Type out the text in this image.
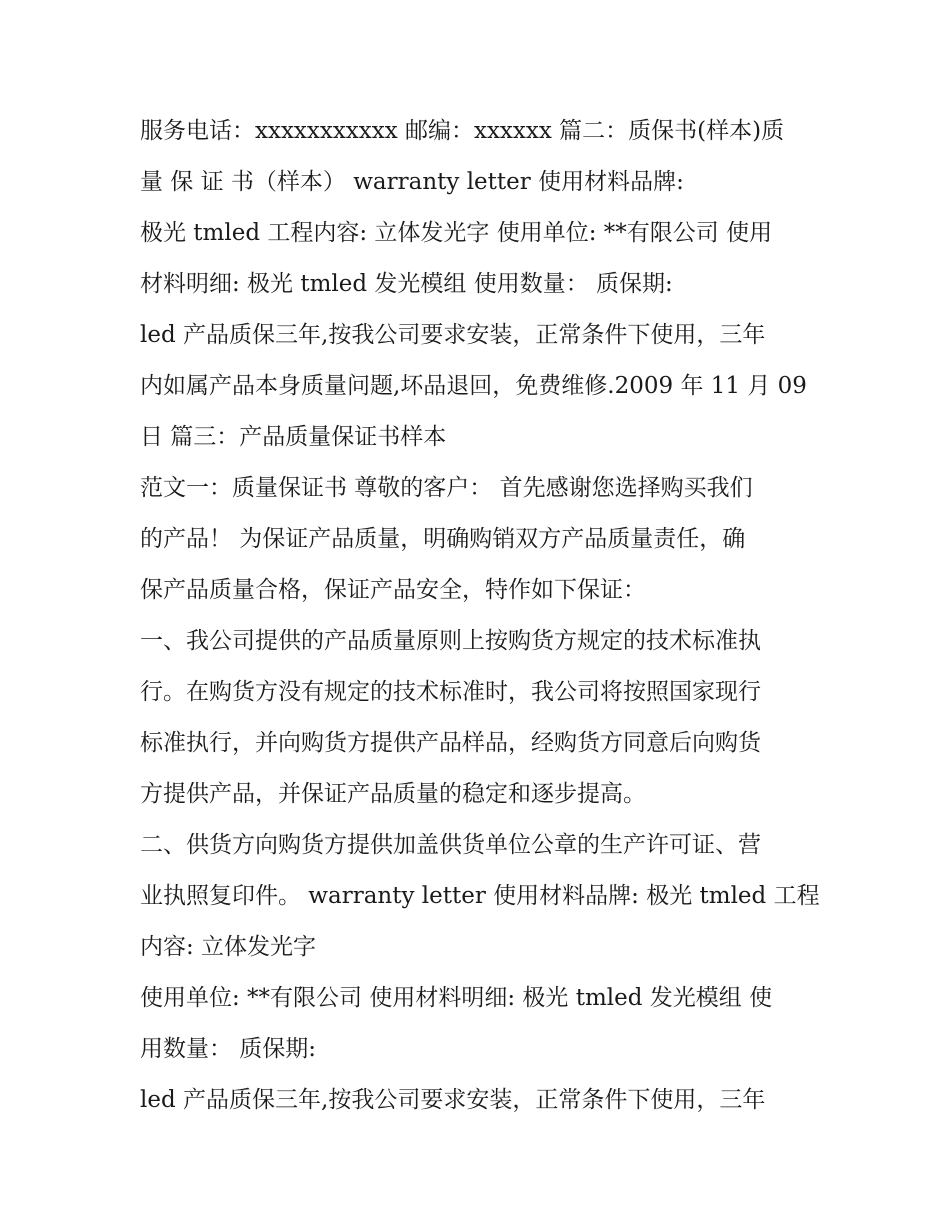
服务电话：xxxxxxxxxxx 邮编：xxxxxx 篇二：质保书(样本)质
量 保 证 书（样本） warranty letter 使用材料品牌:
极光 tmled 工程内容: 立体发光字 使用单位: **有限公司 使用
材料明细: 极光 tmled 发光模组 使用数量： 质保期:
led 产品质保三年,按我公司要求安装，正常条件下使用，三年
内如属产品本身质量问题,坏品退回，免费维修.2009 年 11 月 09
日 篇三：产品质量保证书样本
范文一：质量保证书 尊敬的客户： 首先感谢您选择购买我们
的产品！ 为保证产品质量，明确购销双方产品质量责任，确
保产品质量合格，保证产品安全，特作如下保证：
一、我公司提供的产品质量原则上按购货方规定的技术标准执
行。在购货方没有规定的技术标准时，我公司将按照国家现行
标准执行，并向购货方提供产品样品，经购货方同意后向购货
方提供产品，并保证产品质量的稳定和逐步提高。
二、供货方向购货方提供加盖供货单位公章的生产许可证、营
业执照复印件。 warranty letter 使用材料品牌: 极光 tmled 工程
内容: 立体发光字
使用单位: **有限公司 使用材料明细: 极光 tmled 发光模组 使
用数量： 质保期:
led 产品质保三年,按我公司要求安装，正常条件下使用，三年
